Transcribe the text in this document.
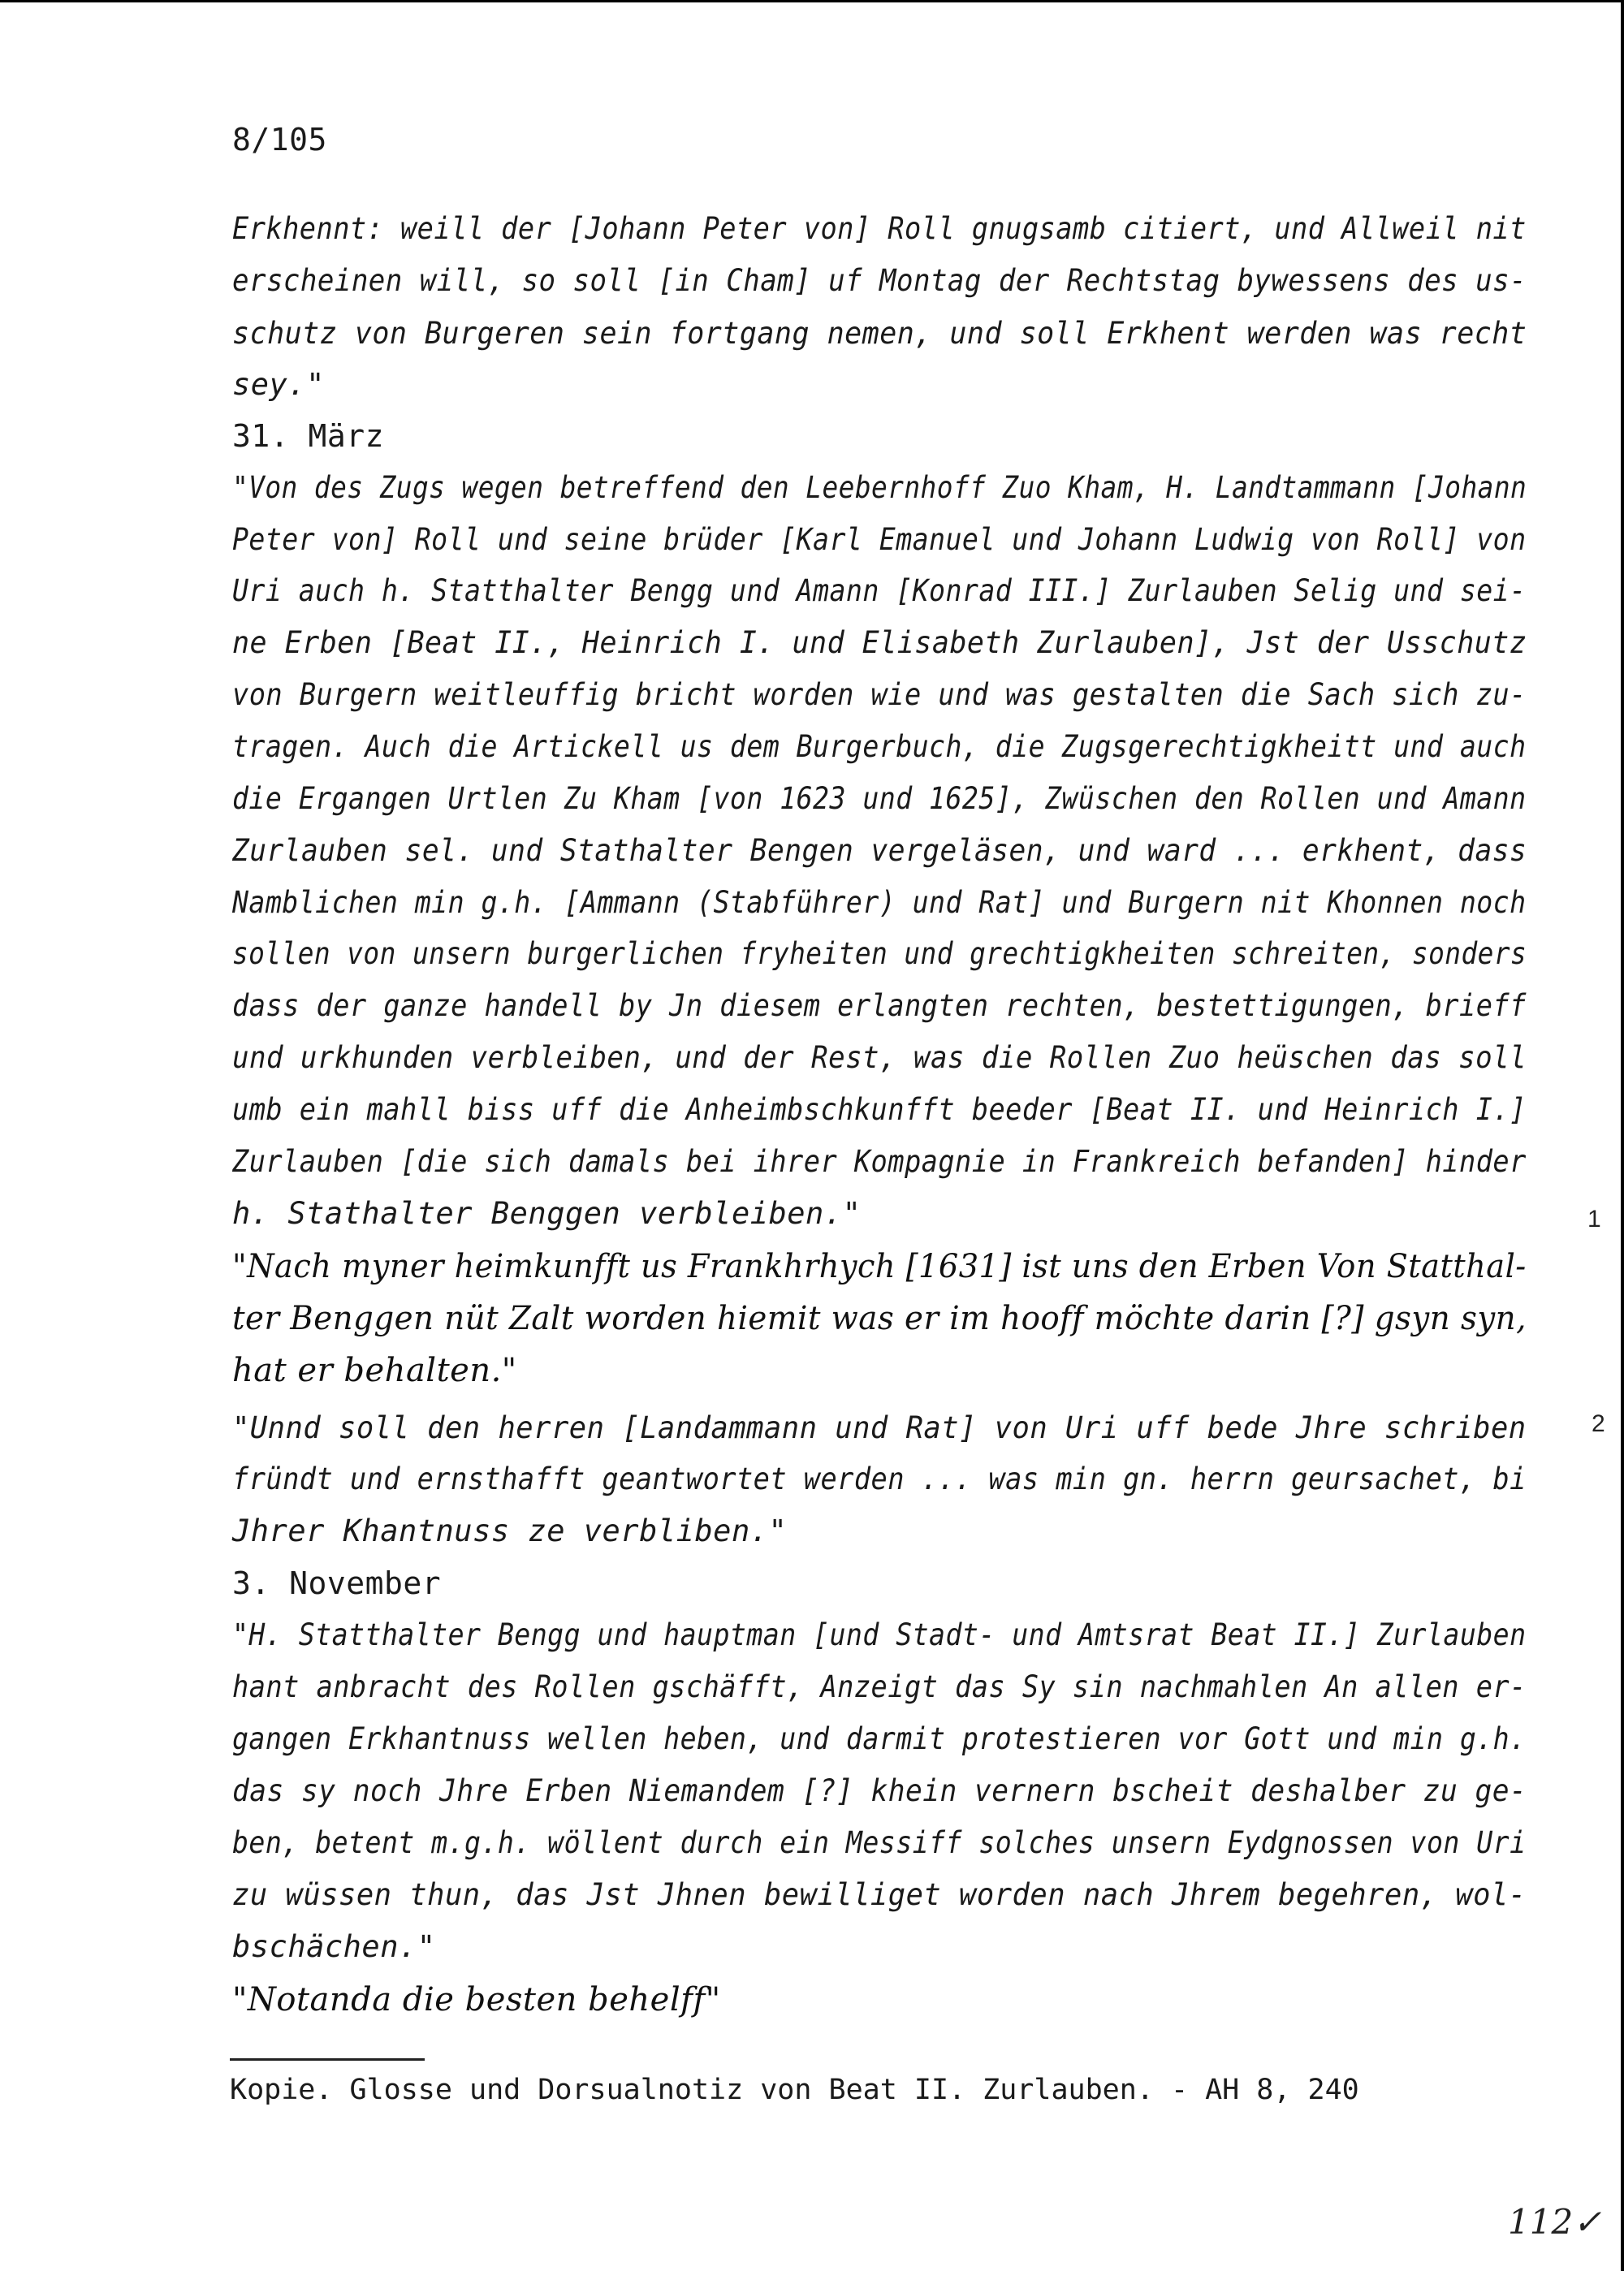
8/105
Erkhennt: weill der [Johann Peter von] Roll gnugsamb citiert, und Allweil nit
erscheinen will, so soll [in Cham] uf Montag der Rechtstag bywessens des us-
schutz von Burgeren sein fortgang nemen, und soll Erkhent werden was recht
sey."
31. März
"Von des Zugs wegen betreffend den Leebernhoff Zuo Kham, H. Landtammann [Johann
Peter von] Roll und seine brüder [Karl Emanuel und Johann Ludwig von Roll] von
Uri auch h. Statthalter Bengg und Amann [Konrad III.] Zurlauben Selig und sei-
ne Erben [Beat II., Heinrich I. und Elisabeth Zurlauben], Jst der Usschutz
von Burgern weitleuffig bricht worden wie und was gestalten die Sach sich zu-
tragen. Auch die Artickell us dem Burgerbuch, die Zugsgerechtigkheitt und auch
die Ergangen Urtlen Zu Kham [von 1623 und 1625], Zwüschen den Rollen und Amann
Zurlauben sel. und Stathalter Bengen vergeläsen, und ward ... erkhent, dass
Namblichen min g.h. [Ammann (Stabführer) und Rat] und Burgern nit Khonnen noch
sollen von unsern burgerlichen fryheiten und grechtigkheiten schreiten, sonders
dass der ganze handell by Jn diesem erlangten rechten, bestettigungen, brieff
und urkhunden verbleiben, und der Rest, was die Rollen Zuo heüschen das soll
umb ein mahll biss uff die Anheimbschkunfft beeder [Beat II. und Heinrich I.]
Zurlauben [die sich damals bei ihrer Kompagnie in Frankreich befanden] hinder
h. Stathalter Benggen verbleiben."
"Nach myner heimkunfft us Frankhrhych [1631] ist uns den Erben Von Statthal-
ter Benggen nüt Zalt worden hiemit was er im hooff möchte darin [?] gsyn syn,
hat er behalten."
"Unnd soll den herren [Landammann und Rat] von Uri uff bede Jhre schriben
fründt und ernsthafft geantwortet werden ... was min gn. herrn geursachet, bi
Jhrer Khantnuss ze verbliben."
3. November
"H. Statthalter Bengg und hauptman [und Stadt- und Amtsrat Beat II.] Zurlauben
hant anbracht des Rollen gschäfft, Anzeigt das Sy sin nachmahlen An allen er-
gangen Erkhantnuss wellen heben, und darmit protestieren vor Gott und min g.h.
das sy noch Jhre Erben Niemandem [?] khein vernern bscheit deshalber zu ge-
ben, betent m.g.h. wöllent durch ein Messiff solches unsern Eydgnossen von Uri
zu wüssen thun, das Jst Jhnen bewilliget worden nach Jhrem begehren, wol-
bschächen."
"Notanda die besten behelff"
1
2
Kopie. Glosse und Dorsualnotiz von Beat II. Zurlauben. - AH 8, 240
112✓
